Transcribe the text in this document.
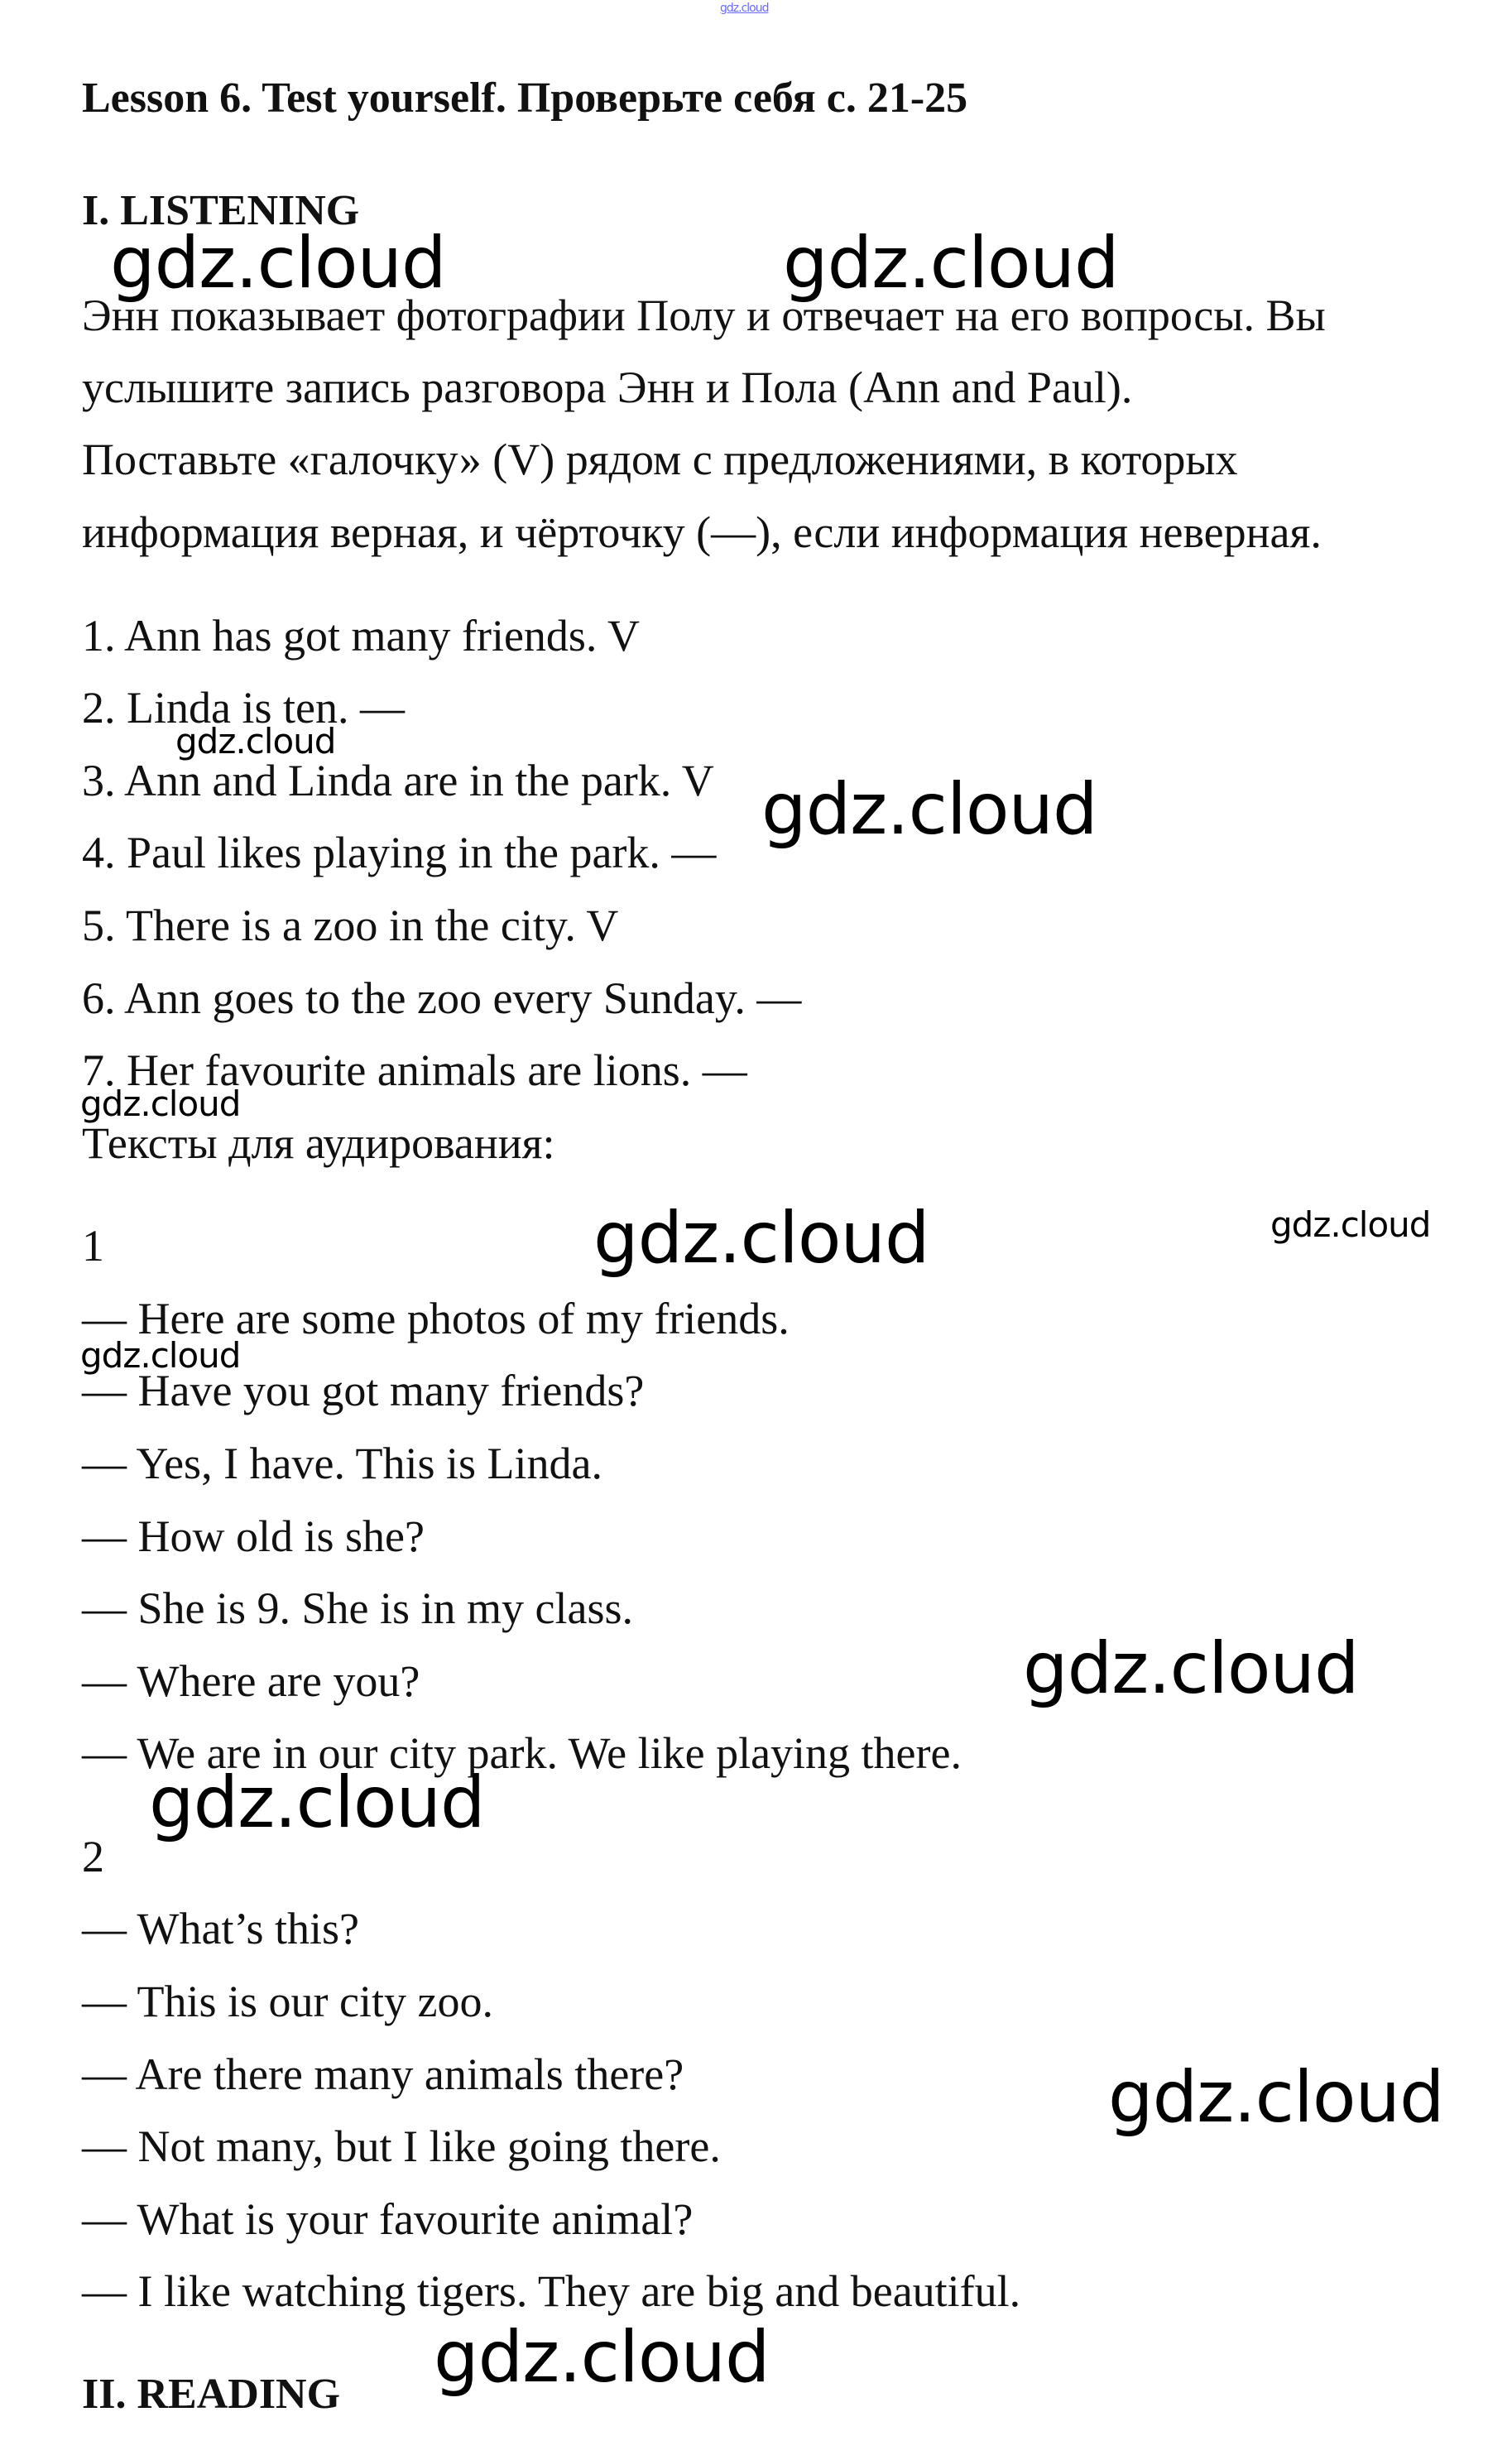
gdz.cloud
Lesson 6. Test yourself. Проверьте себя с. 21-25
I. LISTENING
Энн показывает фотографии Полу и отвечает на его вопросы. Вы
услышите запись разговора Энн и Пола (Ann and Paul).
Поставьте «галочку» (V) рядом с предложениями, в которых
информация верная, и чёрточку (—), если информация неверная.
1. Ann has got many friends. V
2. Linda is ten. —
3. Ann and Linda are in the park. V
4. Paul likes playing in the park. —
5. There is a zoo in the city. V
6. Ann goes to the zoo every Sunday. —
7. Her favourite animals are lions. —
Тексты для аудирования:
1
— Here are some photos of my friends.
— Have you got many friends?
— Yes, I have. This is Linda.
— How old is she?
— She is 9. She is in my class.
— Where are you?
— We are in our city park. We like playing there.
2
— What’s this?
— This is our city zoo.
— Are there many animals there?
— Not many, but I like going there.
— What is your favourite animal?
— I like watching tigers. They are big and beautiful.
II. READING
gdz.cloud	gdz.cloud
gdz.cloud
gdz.cloud
gdz.cloud
gdz.cloud	gdz.cloud
gdz.cloud
gdz.cloud
gdz.cloud
gdz.cloud
gdz.cloud
